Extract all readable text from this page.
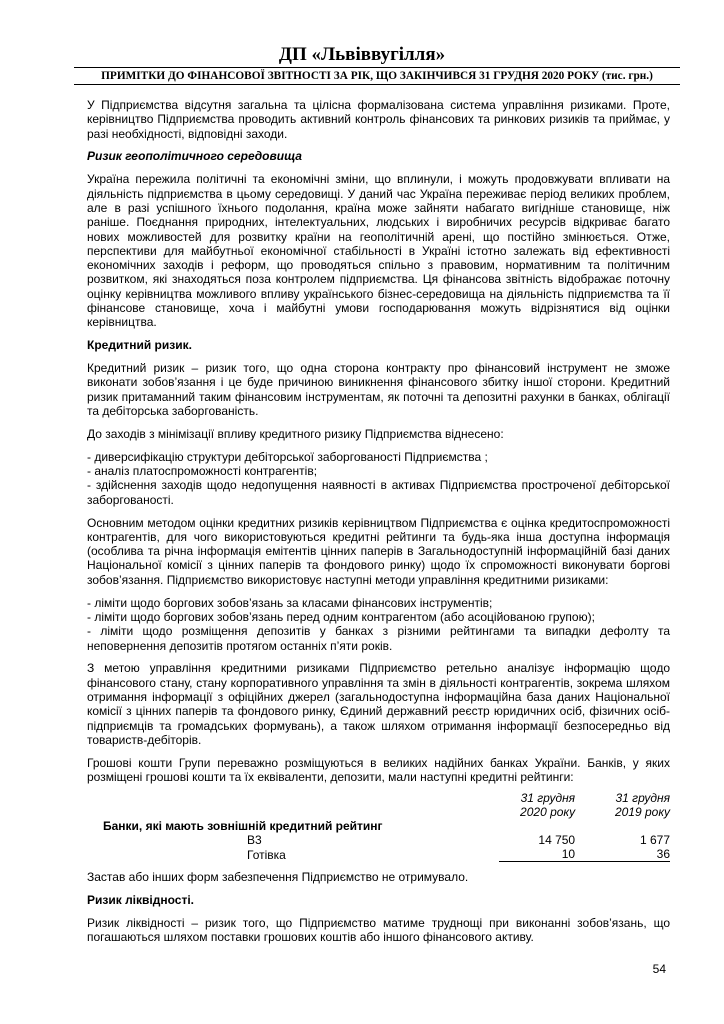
ДП «Львіввугілля»
ПРИМІТКИ ДО ФІНАНСОВОЇ ЗВІТНОСТІ ЗА РІК, ЩО ЗАКІНЧИВСЯ 31 ГРУДНЯ 2020 РОКУ (тис. грн.)

У Підприємства відсутня загальна та цілісна формалізована система управління ризиками. Проте, керівництво Підприємства проводить активний контроль фінансових та ринкових ризиків та приймає, у разі необхідності, відповідні заходи.

Ризик геополітичного середовища

Україна пережила політичні та економічні зміни, що вплинули, і можуть продовжувати впливати на діяльність підприємства в цьому середовищі. У даний час Україна переживає період великих проблем, але в разі успішного їхнього подолання, країна може зайняти набагато вигідніше становище, ніж раніше. Поєднання природних, інтелектуальних, людських і виробничих ресурсів відкриває багато нових можливостей для розвитку країни на геополітичній арені, що постійно змінюється. Отже, перспективи для майбутньої економічної стабільності в Україні істотно залежать від ефективності економічних заходів і реформ, що проводяться спільно з правовим, нормативним та політичним розвитком, які знаходяться поза контролем підприємства. Ця фінансова звітність відображає поточну оцінку керівництва можливого впливу українського бізнес-середовища на діяльність підприємства та її фінансове становище, хоча і майбутні умови господарювання можуть відрізнятися від оцінки керівництва.

Кредитний ризик.

Кредитний ризик – ризик того, що одна сторона контракту про фінансовий інструмент не зможе виконати зобов’язання і це буде причиною виникнення фінансового збитку іншої сторони. Кредитний ризик притаманний таким фінансовим інструментам, як поточні та депозитні рахунки в банках, облігації та дебіторська заборгованість.

До заходів з мінімізації впливу кредитного ризику Підприємства віднесено:

- диверсифікацію структури дебіторської заборгованості Підприємства ;

- аналіз платоспроможності контрагентів;

- здійснення заходів щодо недопущення наявності в активах Підприємства простроченої дебіторської заборгованості.

Основним методом оцінки кредитних ризиків керівництвом Підприємства є оцінка кредитоспроможності контрагентів, для чого використовуються кредитні рейтинги та будь-яка інша доступна інформація (особлива та річна інформація емітентів цінних паперів в Загальнодоступній інформаційній базі даних Національної комісії з цінних паперів та фондового ринку) щодо їх спроможності виконувати боргові зобов’язання. Підприємство використовує наступні методи управління кредитними ризиками:

- ліміти щодо боргових зобов’язань за класами фінансових інструментів;

- ліміти щодо боргових зобов’язань перед одним контрагентом (або асоційованою групою);

- ліміти щодо розміщення депозитів у банках з різними рейтингами та випадки дефолту та неповернення депозитів протягом останніх п’яти років.

З метою управління кредитними ризиками Підприємство ретельно аналізує інформацію щодо фінансового стану, стану корпоративного управління та змін в діяльності контрагентів, зокрема шляхом отримання інформації з офіційних джерел (загальнодоступна інформаційна база даних Національної комісії з цінних паперів та фондового ринку, Єдиний державний реєстр юридичних осіб, фізичних осіб-підприємців та громадських формувань), а також шляхом отримання інформації безпосередньо від товариств-дебіторів.

Грошові кошти Групи переважно розміщуються в великих надійних банках України. Банків, у яких розміщені грошові кошти та їх еквіваленти, депозити, мали наступні кредитні рейтинги:

	31 грудня	31 грудня
	2020 року	2019 року
Банки, які мають зовнішній кредитний рейтинг		
B3	14 750	1 677
Готівка	10	36

Застав або інших форм забезпечення Підприємство не отримувало.

Ризик ліквідності.

Ризик ліквідності – ризик того, що Підприємство матиме труднощі при виконанні зобов’язань, що погашаються шляхом поставки грошових коштів або іншого фінансового активу.

54
